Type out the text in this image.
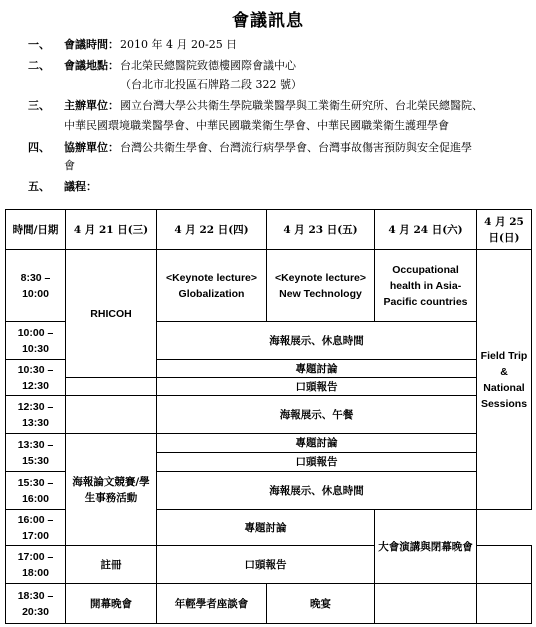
會議訊息
一、	會議時間： 2010 年 4 月 20-25 日
二、	會議地點： 台北榮民總醫院致德樓國際會議中心
（台北市北投區石牌路二段 322 號）
三、	主辦單位： 國立台灣大學公共衛生學院職業醫學與工業衛生研究所、台北榮民總醫院、
中華民國環境職業醫學會、中華民國職業衛生學會、中華民國職業衛生護理學會
四、	協辦單位： 台灣公共衛生學會、台灣流行病學學會、台灣事故傷害預防與安全促進學
會
五、	議程：
時間/日期	4 月 21 日(三)	4 月 22 日(四)	4 月 23 日(五)	4 月 24 日(六)	4 月 25 日(日)
8:30 – 10:00	RHICOH	<Keynote lecture> Globalization	<Keynote lecture> New Technology	Occupational health in Asia-Pacific countries	Field Trip & National Sessions
10:00 – 10:30		海報展示、休息時間			
10:30 – 12:30		專題討論			
		口頭報告			
12:30 – 13:30		海報展示、午餐			
13:30 – 15:30	海報論文競賽/學生事務活動	專題討論			
		口頭報告			
15:30 – 16:00		海報展示、休息時間			
16:00 – 17:00		專題討論		大會演講與閉幕晚會	
17:00 – 18:00	註冊	口頭報告			
18:30 – 20:30	開幕晚會	年輕學者座談會	晚宴		
